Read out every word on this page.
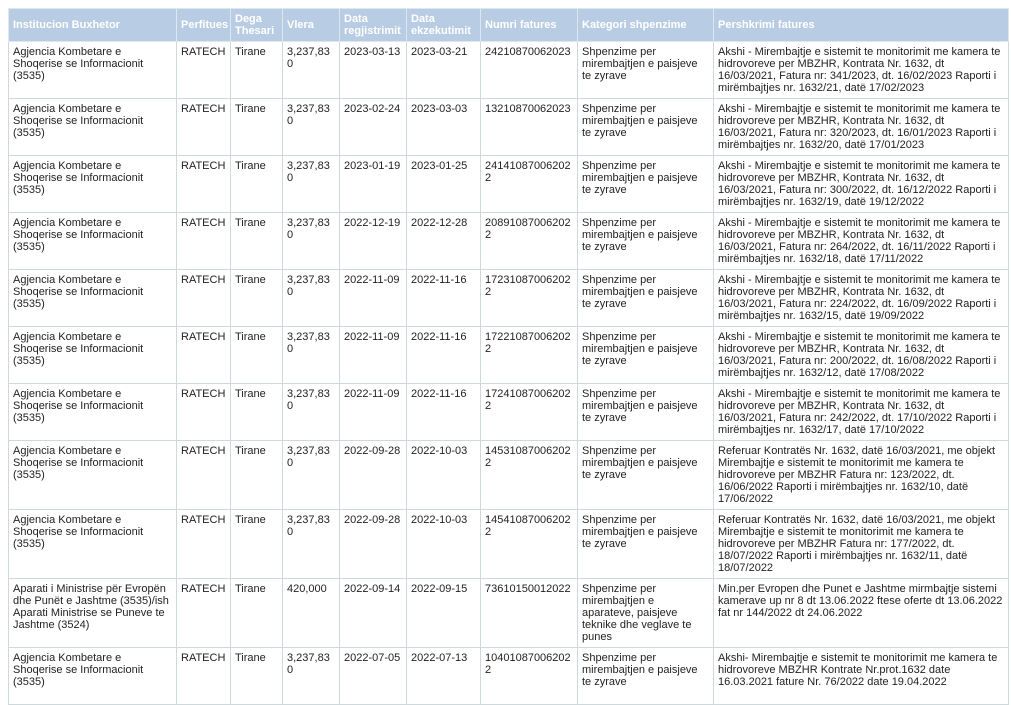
Institucion Buxhetor	Perfitues	Dega Thesari	Vlera	Data regjistrimit	Data ekzekutimit	Numri fatures	Kategori shpenzime	Pershkrimi fatures
Agjencia Kombetare e Shoqerise se Informacionit (3535)	RATECH	Tirane	3,237,830	2023-03-13	2023-03-21	24210870062023	Shpenzime per mirembajtjen e paisjeve te zyrave	Akshi - Mirembajtje e sistemit te monitorimit me kamera te hidrovoreve per MBZHR, Kontrata Nr. 1632, dt 16/03/2021, Fatura nr: 341/2023, dt. 16/02/2023 Raporti i mirëmbajtjes nr. 1632/21, datë 17/02/2023
Agjencia Kombetare e Shoqerise se Informacionit (3535)	RATECH	Tirane	3,237,830	2023-02-24	2023-03-03	13210870062023	Shpenzime per mirembajtjen e paisjeve te zyrave	Akshi - Mirembajtje e sistemit te monitorimit me kamera te hidrovoreve per MBZHR, Kontrata Nr. 1632, dt 16/03/2021, Fatura nr: 320/2023, dt. 16/01/2023 Raporti i mirëmbajtjes nr. 1632/20, datë 17/01/2023
Agjencia Kombetare e Shoqerise se Informacionit (3535)	RATECH	Tirane	3,237,830	2023-01-19	2023-01-25	241410870062022	Shpenzime per mirembajtjen e paisjeve te zyrave	Akshi - Mirembajtje e sistemit te monitorimit me kamera te hidrovoreve per MBZHR, Kontrata Nr. 1632, dt 16/03/2021, Fatura nr: 300/2022, dt. 16/12/2022 Raporti i mirëmbajtjes nr. 1632/19, datë 19/12/2022
Agjencia Kombetare e Shoqerise se Informacionit (3535)	RATECH	Tirane	3,237,830	2022-12-19	2022-12-28	208910870062022	Shpenzime per mirembajtjen e paisjeve te zyrave	Akshi - Mirembajtje e sistemit te monitorimit me kamera te hidrovoreve per MBZHR, Kontrata Nr. 1632, dt 16/03/2021, Fatura nr: 264/2022, dt. 16/11/2022 Raporti i mirëmbajtjes nr. 1632/18, datë 17/11/2022
Agjencia Kombetare e Shoqerise se Informacionit (3535)	RATECH	Tirane	3,237,830	2022-11-09	2022-11-16	172310870062022	Shpenzime per mirembajtjen e paisjeve te zyrave	Akshi - Mirembajtje e sistemit te monitorimit me kamera te hidrovoreve per MBZHR, Kontrata Nr. 1632, dt 16/03/2021, Fatura nr: 224/2022, dt. 16/09/2022 Raporti i mirëmbajtjes nr. 1632/15, datë 19/09/2022
Agjencia Kombetare e Shoqerise se Informacionit (3535)	RATECH	Tirane	3,237,830	2022-11-09	2022-11-16	172210870062022	Shpenzime per mirembajtjen e paisjeve te zyrave	Akshi - Mirembajtje e sistemit te monitorimit me kamera te hidrovoreve per MBZHR, Kontrata Nr. 1632, dt 16/03/2021, Fatura nr: 200/2022, dt. 16/08/2022 Raporti i mirëmbajtjes nr. 1632/12, datë 17/08/2022
Agjencia Kombetare e Shoqerise se Informacionit (3535)	RATECH	Tirane	3,237,830	2022-11-09	2022-11-16	172410870062022	Shpenzime per mirembajtjen e paisjeve te zyrave	Akshi - Mirembajtje e sistemit te monitorimit me kamera te hidrovoreve per MBZHR, Kontrata Nr. 1632, dt 16/03/2021, Fatura nr: 242/2022, dt. 17/10/2022 Raporti i mirëmbajtjes nr. 1632/17, datë 17/10/2022
Agjencia Kombetare e Shoqerise se Informacionit (3535)	RATECH	Tirane	3,237,830	2022-09-28	2022-10-03	145310870062022	Shpenzime per mirembajtjen e paisjeve te zyrave	Referuar Kontratës Nr. 1632, datë 16/03/2021, me objekt Mirembajtje e sistemit te monitorimit me kamera te hidrovoreve per MBZHR Fatura nr: 123/2022, dt. 16/06/2022 Raporti i mirëmbajtjes nr. 1632/10, datë 17/06/2022
Agjencia Kombetare e Shoqerise se Informacionit (3535)	RATECH	Tirane	3,237,830	2022-09-28	2022-10-03	145410870062022	Shpenzime per mirembajtjen e paisjeve te zyrave	Referuar Kontratës Nr. 1632, datë 16/03/2021, me objekt Mirembajtje e sistemit te monitorimit me kamera te hidrovoreve per MBZHR Fatura nr: 177/2022, dt. 18/07/2022 Raporti i mirëmbajtjes nr. 1632/11, datë 18/07/2022
Aparati i Ministrise për Evropën dhe Punët e Jashtme (3535)/ish Aparati Ministrise se Puneve te Jashtme (3524)	RATECH	Tirane	420,000	2022-09-14	2022-09-15	73610150012022	Shpenzime per mirembajtjen e aparateve, paisjeve teknike dhe veglave te punes	Min.per Evropen dhe Punet e Jashtme mirmbajtje sistemi kamerave up nr 8 dt 13.06.2022 ftese oferte dt 13.06.2022 fat nr 144/2022 dt 24.06.2022
Agjencia Kombetare e Shoqerise se Informacionit (3535)	RATECH	Tirane	3,237,830	2022-07-05	2022-07-13	104010870062022	Shpenzime per mirembajtjen e paisjeve te zyrave	Akshi- Mirembajtje e sistemit te monitorimit me kamera te hidrovoreve MBZHR Kontrate Nr.prot.1632 date 16.03.2021 fature Nr. 76/2022 date 19.04.2022
